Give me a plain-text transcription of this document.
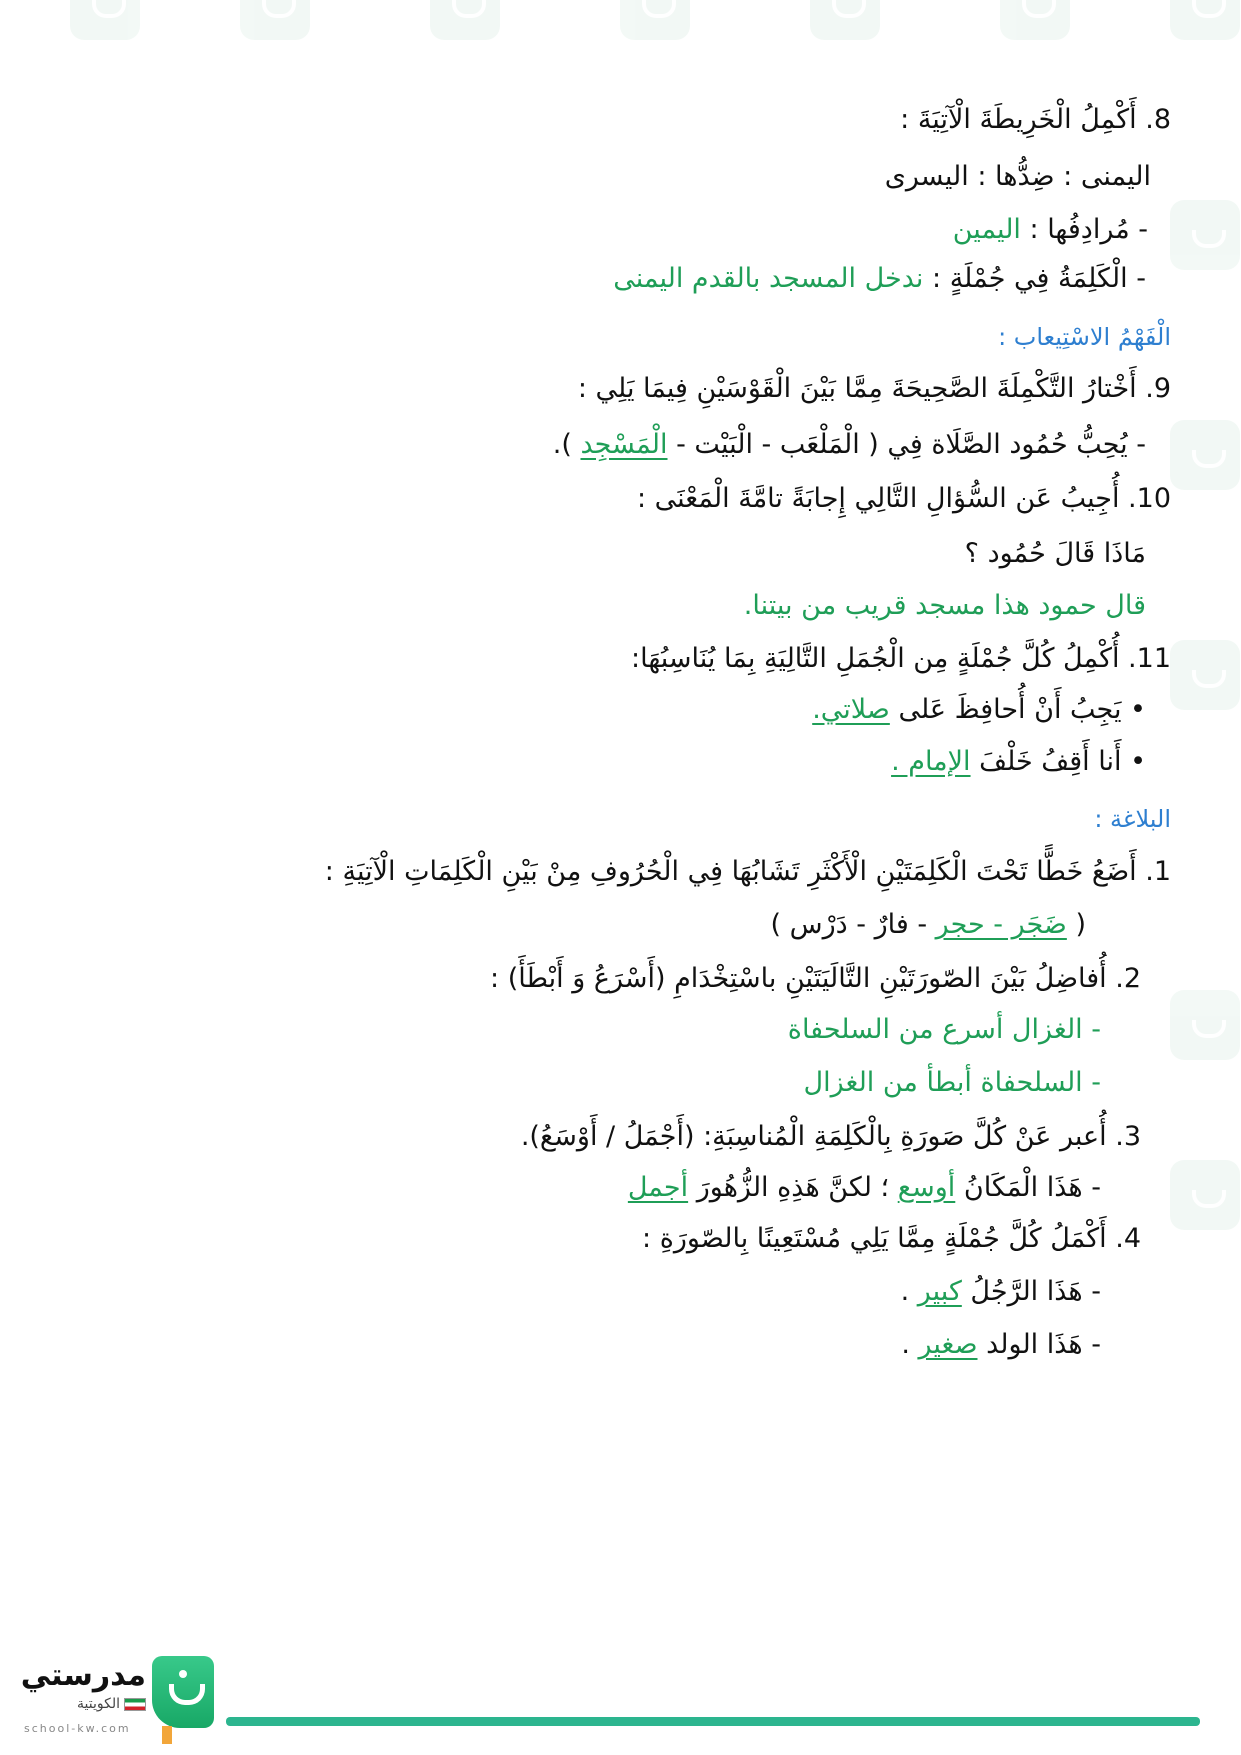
8. أَكْمِلُ الْخَرِيطَةَ الْآتِيَةَ :
اليمنى : ضِدُّها : اليسرى
- مُرادِفُها : اليمين
- الْكَلِمَةُ فِي جُمْلَةٍ : ندخل المسجد بالقدم اليمنى
الْفَهْمُ الاسْتِيعاب :
9. أَخْتارُ التَّكْمِلَةَ الصَّحِيحَةَ مِمَّا بَيْنَ الْقَوْسَيْنِ فِيمَا يَلِي :
- يُحِبُّ حُمُود الصَّلَاة فِي ( الْمَلْعَب - الْبَيْت - الْمَسْجِد ).
10. أُجِيبُ عَن السُّؤالِ التَّالِي إِجابَةً تامَّةَ الْمَعْنَى :
مَاذَا قَالَ حُمُود ؟
قال حمود هذا مسجد قريب من بيتنا.
11. أُكْمِلُ كُلَّ جُمْلَةٍ مِن الْجُمَلِ التَّالِيَةِ بِمَا يُنَاسِبُهَا:
• يَجِبُ أَنْ أُحافِظَ عَلى صلاتي.
• أَنا أَقِفُ خَلْفَ الإمام .
البلاغة :
1. أَضَعُ خَطًّا تَحْتَ الْكَلِمَتَيْنِ الْأَكْثَرِ تَشَابُهَا فِي الْحُرُوفِ مِنْ بَيْنِ الْكَلِمَاتِ الْآتِيَةِ :
( ضَجَر - حجر - فارٌ - دَرْس )
2. أُفاضِلُ بَيْنَ الصّورَتَيْنِ التَّالَيَتَيْنِ باسْتِخْدَامِ (أَسْرَعُ وَ أَبْطَأَ) :
- الغزال أسرع من السلحفاة
- السلحفاة أبطأ من الغزال
3. أُعبر عَنْ كُلَّ صَورَةِ بِالْكَلِمَةِ الْمُناسِبَةِ: (أَجْمَلُ / أَوْسَعُ).
- هَذَا الْمَكَانُ أوسع ؛ لكنَّ هَذِهِ الزُّهُورَ أجمل
4. أَكْمَلُ كُلَّ جُمْلَةٍ مِمَّا يَلِي مُسْتَعِينًا بِالصّورَةِ :
- هَذَا الرَّجُلُ كبير .
- هَذَا الولد صغير .
مدرستي
الكويتية
school-kw.com
